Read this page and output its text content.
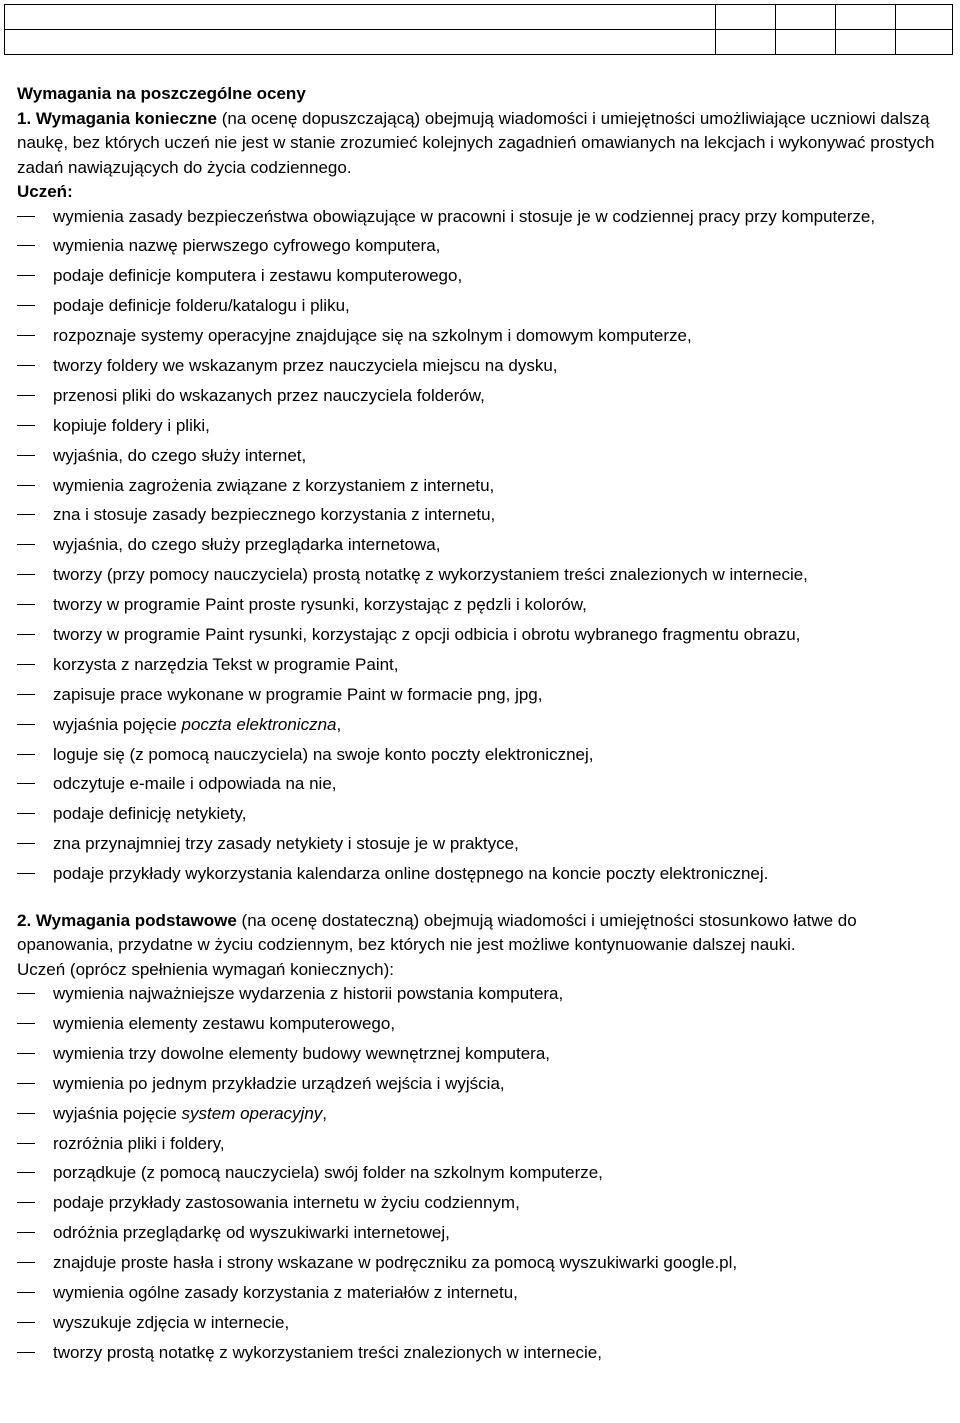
Wymagania na poszczególne oceny

1. Wymagania konieczne (na ocenę dopuszczającą) obejmują wiadomości i umiejętności umożliwiające uczniowi dalszą naukę, bez których uczeń nie jest w stanie zrozumieć kolejnych zagadnień omawianych na lekcjach i wykonywać prostych zadań nawiązujących do życia codziennego.

Uczeń:

wymienia zasady bezpieczeństwa obowiązujące w pracowni i stosuje je w codziennej pracy przy komputerze,
wymienia nazwę pierwszego cyfrowego komputera,
podaje definicje komputera i zestawu komputerowego,
podaje definicje folderu/katalogu i pliku,
rozpoznaje systemy operacyjne znajdujące się na szkolnym i domowym komputerze,
tworzy foldery we wskazanym przez nauczyciela miejscu na dysku,
przenosi pliki do wskazanych przez nauczyciela folderów,
kopiuje foldery i pliki,
wyjaśnia, do czego służy internet,
wymienia zagrożenia związane z korzystaniem z internetu,
zna i stosuje zasady bezpiecznego korzystania z internetu,
wyjaśnia, do czego służy przeglądarka internetowa,
tworzy (przy pomocy nauczyciela) prostą notatkę z wykorzystaniem treści znalezionych w internecie,
tworzy w programie Paint proste rysunki, korzystając z pędzli i kolorów,
tworzy w programie Paint rysunki, korzystając z opcji odbicia i obrotu wybranego fragmentu obrazu,
korzysta z narzędzia Tekst w programie Paint,
zapisuje prace wykonane w programie Paint w formacie png, jpg,
wyjaśnia pojęcie poczta elektroniczna,
loguje się (z pomocą nauczyciela) na swoje konto poczty elektronicznej,
odczytuje e-maile i odpowiada na nie,
podaje definicję netykiety,
zna przynajmniej trzy zasady netykiety i stosuje je w praktyce,
podaje przykłady wykorzystania kalendarza online dostępnego na koncie poczty elektronicznej.

2. Wymagania podstawowe (na ocenę dostateczną) obejmują wiadomości i umiejętności stosunkowo łatwe do opanowania, przydatne w życiu codziennym, bez których nie jest możliwe kontynuowanie dalszej nauki.

Uczeń (oprócz spełnienia wymagań koniecznych):

wymienia najważniejsze wydarzenia z historii powstania komputera,
wymienia elementy zestawu komputerowego,
wymienia trzy dowolne elementy budowy wewnętrznej komputera,
wymienia po jednym przykładzie urządzeń wejścia i wyjścia,
wyjaśnia pojęcie system operacyjny,
rozróżnia pliki i foldery,
porządkuje (z pomocą nauczyciela) swój folder na szkolnym komputerze,
podaje przykłady zastosowania internetu w życiu codziennym,
odróżnia przeglądarkę od wyszukiwarki internetowej,
znajduje proste hasła i strony wskazane w podręczniku za pomocą wyszukiwarki google.pl,
wymienia ogólne zasady korzystania z materiałów z internetu,
wyszukuje zdjęcia w internecie,
tworzy prostą notatkę z wykorzystaniem treści znalezionych w internecie,
